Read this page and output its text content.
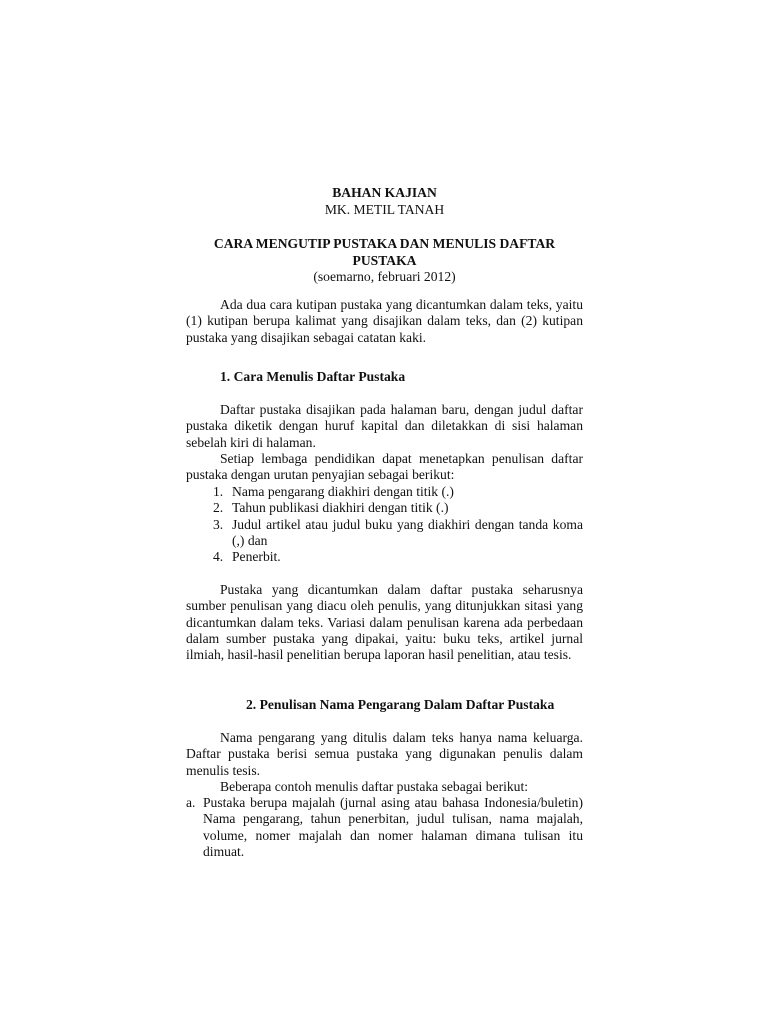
BAHAN KAJIAN
MK. METIL TANAH
CARA MENGUTIP PUSTAKA DAN MENULIS DAFTAR
PUSTAKA
(soemarno, februari 2012)

Ada dua cara kutipan pustaka yang dicantumkan dalam teks, yaitu (1) kutipan berupa kalimat yang disajikan dalam teks, dan (2) kutipan pustaka yang disajikan sebagai catatan kaki.

1. Cara Menulis Daftar Pustaka

Daftar pustaka disajikan pada halaman baru, dengan judul daftar pustaka diketik dengan huruf kapital dan diletakkan di sisi halaman sebelah kiri di halaman.

Setiap lembaga pendidikan dapat menetapkan penulisan daftar pustaka dengan urutan penyajian sebagai berikut:

1. Nama pengarang diakhiri dengan titik (.)
2. Tahun publikasi diakhiri dengan titik (.)
3. Judul artikel atau judul buku yang diakhiri dengan tanda koma (,) dan
4. Penerbit.

Pustaka yang dicantumkan dalam daftar pustaka seharusnya sumber penulisan yang diacu oleh penulis, yang ditunjukkan sitasi yang dicantumkan dalam teks. Variasi dalam penulisan karena ada perbedaan dalam sumber pustaka yang dipakai, yaitu: buku teks, artikel jurnal ilmiah, hasil-hasil penelitian berupa laporan hasil penelitian, atau tesis.

2. Penulisan Nama Pengarang Dalam Daftar Pustaka

Nama pengarang yang ditulis dalam teks hanya nama keluarga. Daftar pustaka berisi semua pustaka yang digunakan penulis dalam menulis tesis.

Beberapa contoh menulis daftar pustaka sebagai berikut:

a. Pustaka berupa majalah (jurnal asing atau bahasa Indonesia/buletin) Nama pengarang, tahun penerbitan, judul tulisan, nama majalah, volume, nomer majalah dan nomer halaman dimana tulisan itu dimuat.
